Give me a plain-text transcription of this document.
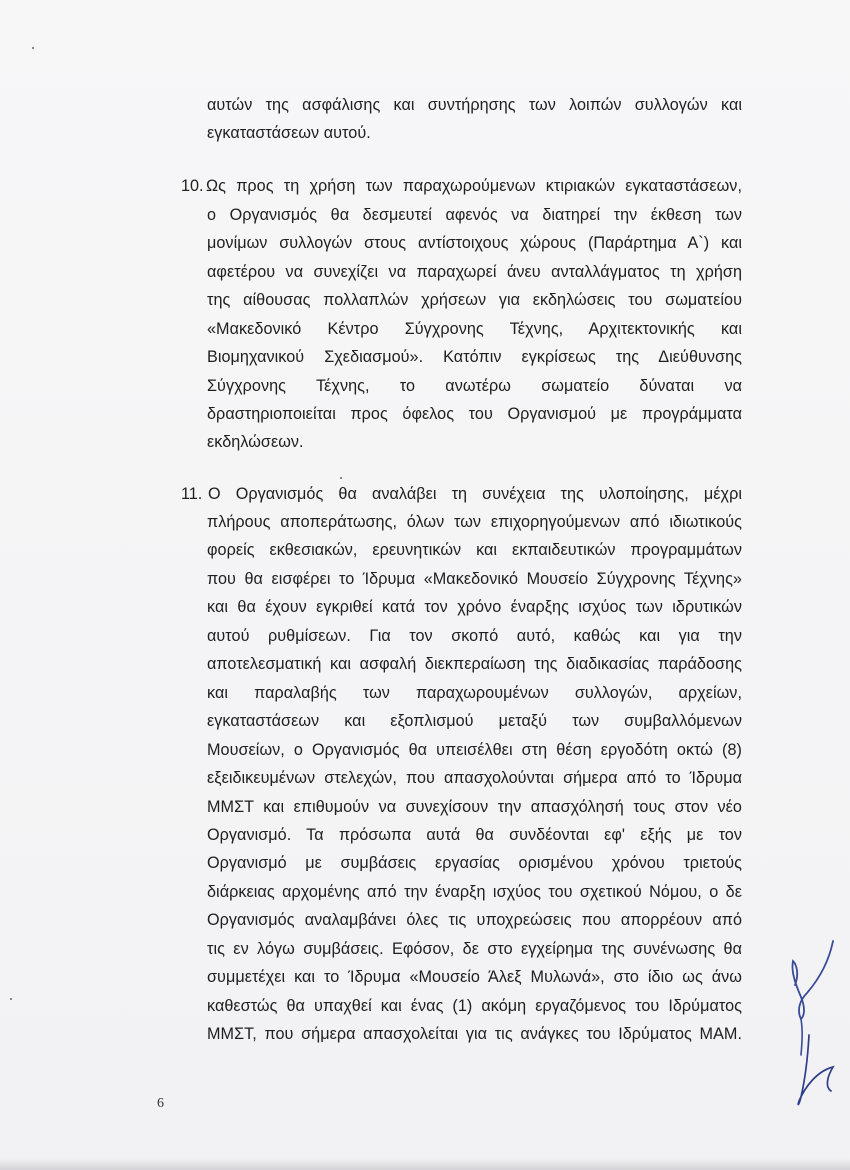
αυτών της ασφάλισης και συντήρησης των λοιπών συλλογών και
εγκαταστάσεων αυτού.
10. Ως προς τη χρήση των παραχωρούμενων κτιριακών εγκαταστάσεων,
ο Οργανισμός θα δεσμευτεί αφενός να διατηρεί την έκθεση των
μονίμων συλλογών στους αντίστοιχους χώρους (Παράρτημα Α`) και
αφετέρου να συνεχίζει να παραχωρεί άνευ ανταλλάγματος τη χρήση
της αίθουσας πολλαπλών χρήσεων για εκδηλώσεις του σωματείου
«Μακεδονικό Κέντρο Σύγχρονης Τέχνης, Αρχιτεκτονικής και
Βιομηχανικού Σχεδιασμού». Κατόπιν εγκρίσεως της Διεύθυνσης
Σύγχρονης Τέχνης, το ανωτέρω σωματείο δύναται να
δραστηριοποιείται προς όφελος του Οργανισμού με προγράμματα
εκδηλώσεων.
11. Ο Οργανισμός θα αναλάβει τη συνέχεια της υλοποίησης, μέχρι
πλήρους αποπεράτωσης, όλων των επιχορηγούμενων από ιδιωτικούς
φορείς εκθεσιακών, ερευνητικών και εκπαιδευτικών προγραμμάτων
που θα εισφέρει το Ίδρυμα «Μακεδονικό Μουσείο Σύγχρονης Τέχνης»
και θα έχουν εγκριθεί κατά τον χρόνο έναρξης ισχύος των ιδρυτικών
αυτού ρυθμίσεων. Για τον σκοπό αυτό, καθώς και για την
αποτελεσματική και ασφαλή διεκπεραίωση της διαδικασίας παράδοσης
και παραλαβής των παραχωρουμένων συλλογών, αρχείων,
εγκαταστάσεων και εξοπλισμού μεταξύ των συμβαλλόμενων
Μουσείων, ο Οργανισμός θα υπεισέλθει στη θέση εργοδότη οκτώ (8)
εξειδικευμένων στελεχών, που απασχολούνται σήμερα από το Ίδρυμα
ΜΜΣΤ και επιθυμούν να συνεχίσουν την απασχόλησή τους στον νέο
Οργανισμό. Τα πρόσωπα αυτά θα συνδέονται εφ' εξής με τον
Οργανισμό με συμβάσεις εργασίας ορισμένου χρόνου τριετούς
διάρκειας αρχομένης από την έναρξη ισχύος του σχετικού Νόμου, ο δε
Οργανισμός αναλαμβάνει όλες τις υποχρεώσεις που απορρέουν από
τις εν λόγω συμβάσεις. Εφόσον, δε στο εγχείρημα της συνένωσης θα
συμμετέχει και το Ίδρυμα «Μουσείο Άλεξ Μυλωνά», στο ίδιο ως άνω
καθεστώς θα υπαχθεί και ένας (1) ακόμη εργαζόμενος του Ιδρύματος
ΜΜΣΤ, που σήμερα απασχολείται για τις ανάγκες του Ιδρύματος ΜΑΜ.
6
